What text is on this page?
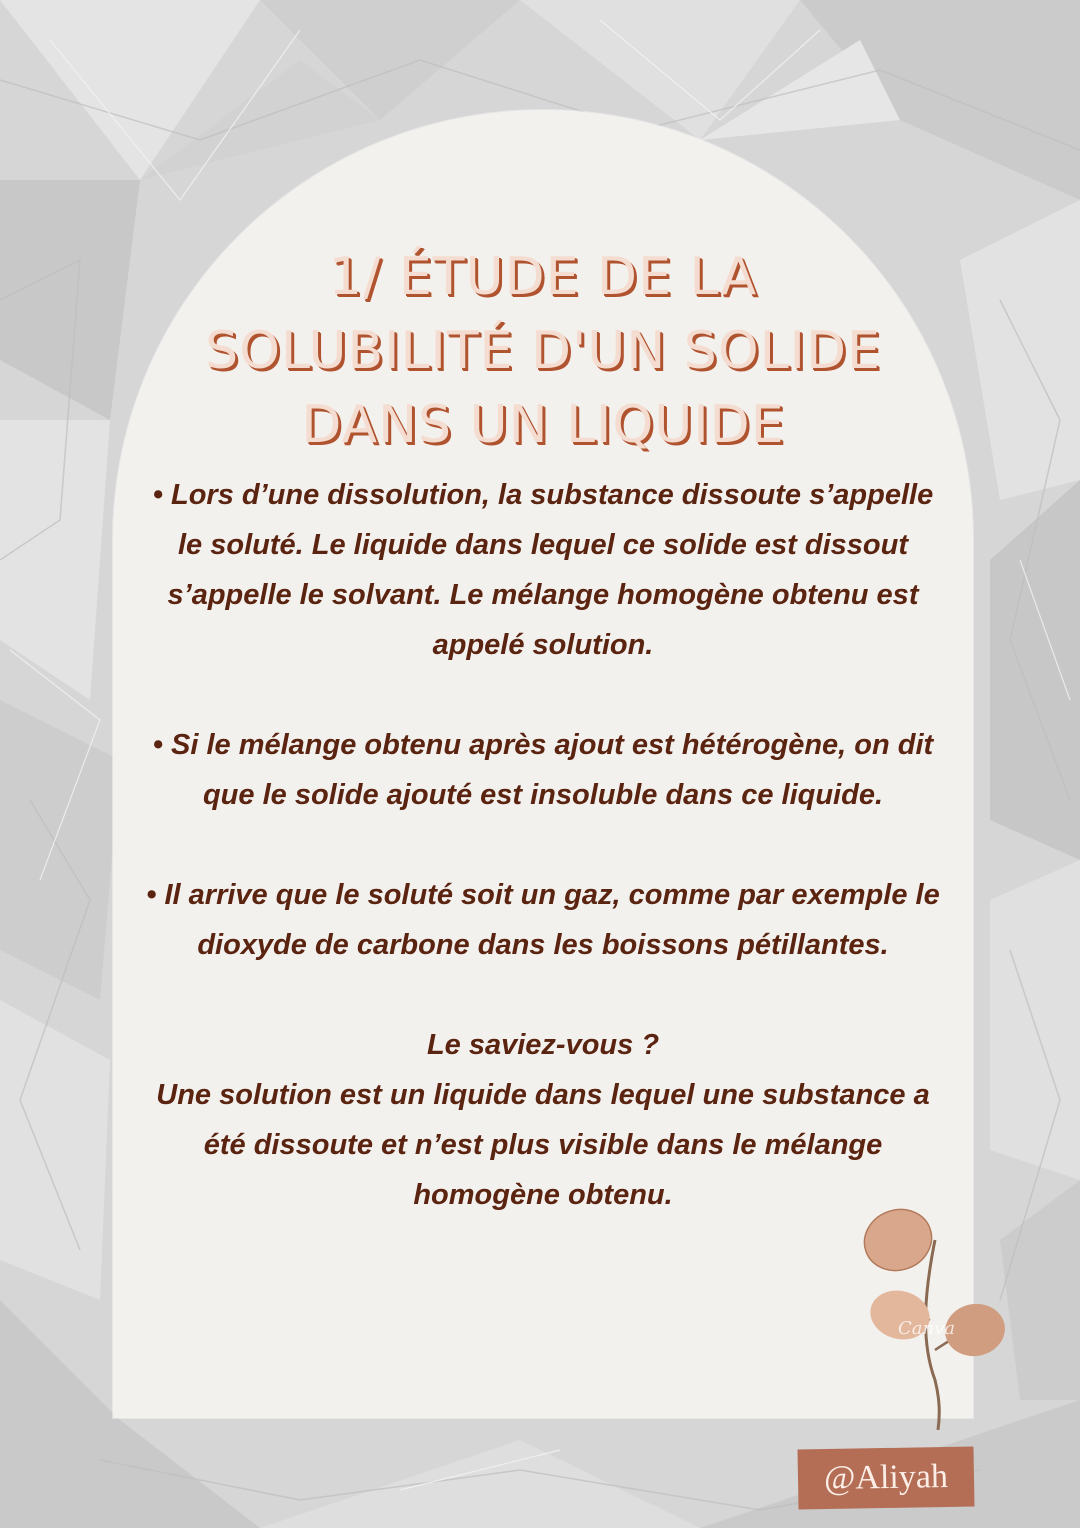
1/ ÉTUDE DE LA
SOLUBILITÉ D'UN SOLIDE
DANS UN LIQUIDE

• Lors d’une dissolution, la substance dissoute s’appelle le soluté. Le liquide dans lequel ce solide est dissout s’appelle le solvant. Le mélange homogène obtenu est appelé solution.

• Si le mélange obtenu après ajout est hétérogène, on dit que le solide ajouté est insoluble dans ce liquide.

• Il arrive que le soluté soit un gaz, comme par exemple le dioxyde de carbone dans les boissons pétillantes.

Le saviez-vous ?
Une solution est un liquide dans lequel une substance a été dissoute et n’est plus visible dans le mélange homogène obtenu.

Canva
@Aliyah
